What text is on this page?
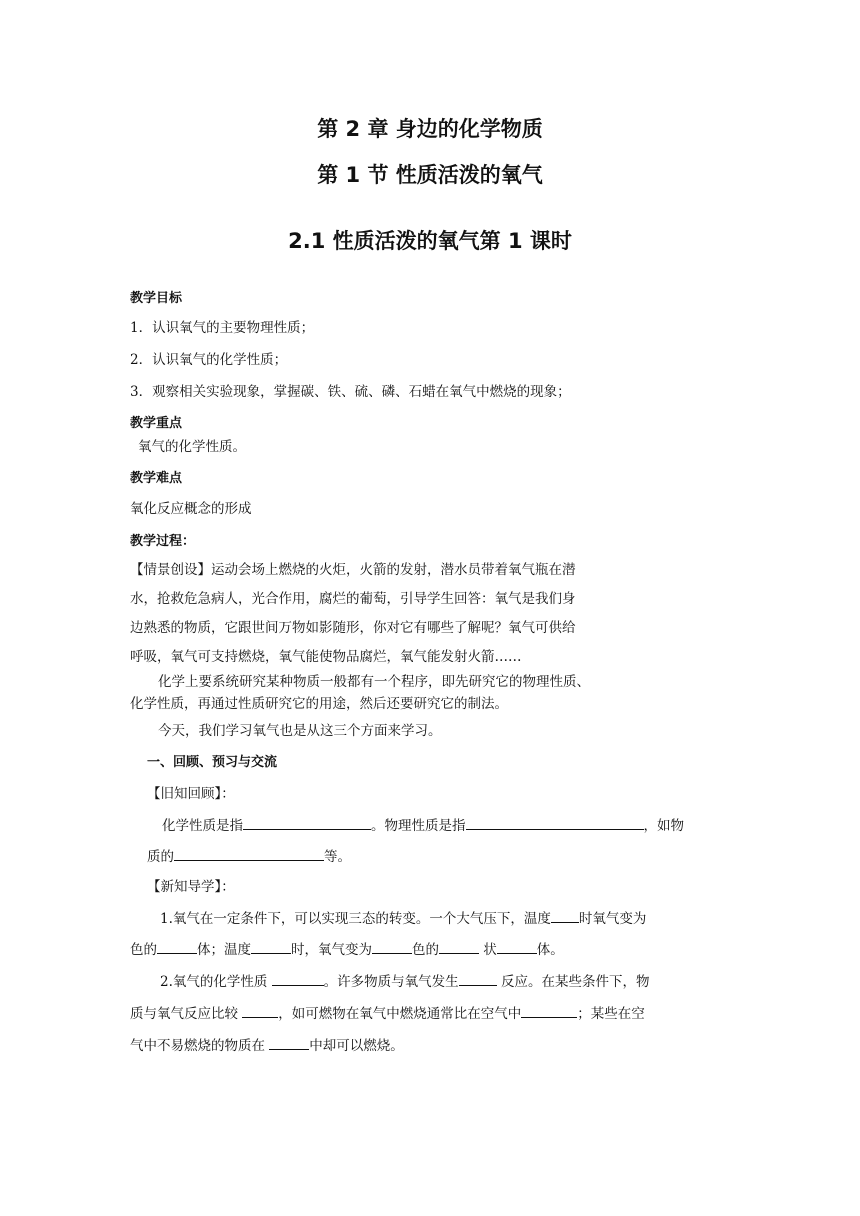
第 2 章 身边的化学物质
第 1 节 性质活泼的氧气
2.1 性质活泼的氧气第 1 课时
教学目标
1．认识氧气的主要物理性质；
2．认识氧气的化学性质；
3．观察相关实验现象，掌握碳、铁、硫、磷、石蜡在氧气中燃烧的现象；
教学重点
氧气的化学性质。
教学难点
氧化反应概念的形成
教学过程：
【情景创设】运动会场上燃烧的火炬，火箭的发射，潜水员带着氧气瓶在潜
水，抢救危急病人，光合作用，腐烂的葡萄，引导学生回答：氧气是我们身
边熟悉的物质，它跟世间万物如影随形，你对它有哪些了解呢？氧气可供给
呼吸，氧气可支持燃烧，氧气能使物品腐烂，氧气能发射火箭……
化学上要系统研究某种物质一般都有一个程序，即先研究它的物理性质、
化学性质，再通过性质研究它的用途，然后还要研究它的制法。
今天，我们学习氧气也是从这三个方面来学习。
一、回顾、预习与交流
【旧知回顾】：
化学性质是指	。物理性质是指	，如物
质的	等。
【新知导学】：
1.氧气在一定条件下，可以实现三态的转变。一个大气压下，温度 时氧气变为
色的	体；温度	时，氧气变为	色的	状	体。
2.氧气的化学性质	。许多物质与氧气发生	反应。在某些条件下，物
质与氧气反应比较	，如可燃物在氧气中燃烧通常比在空气中	；某些在空
气中不易燃烧的物质在	中却可以燃烧。
